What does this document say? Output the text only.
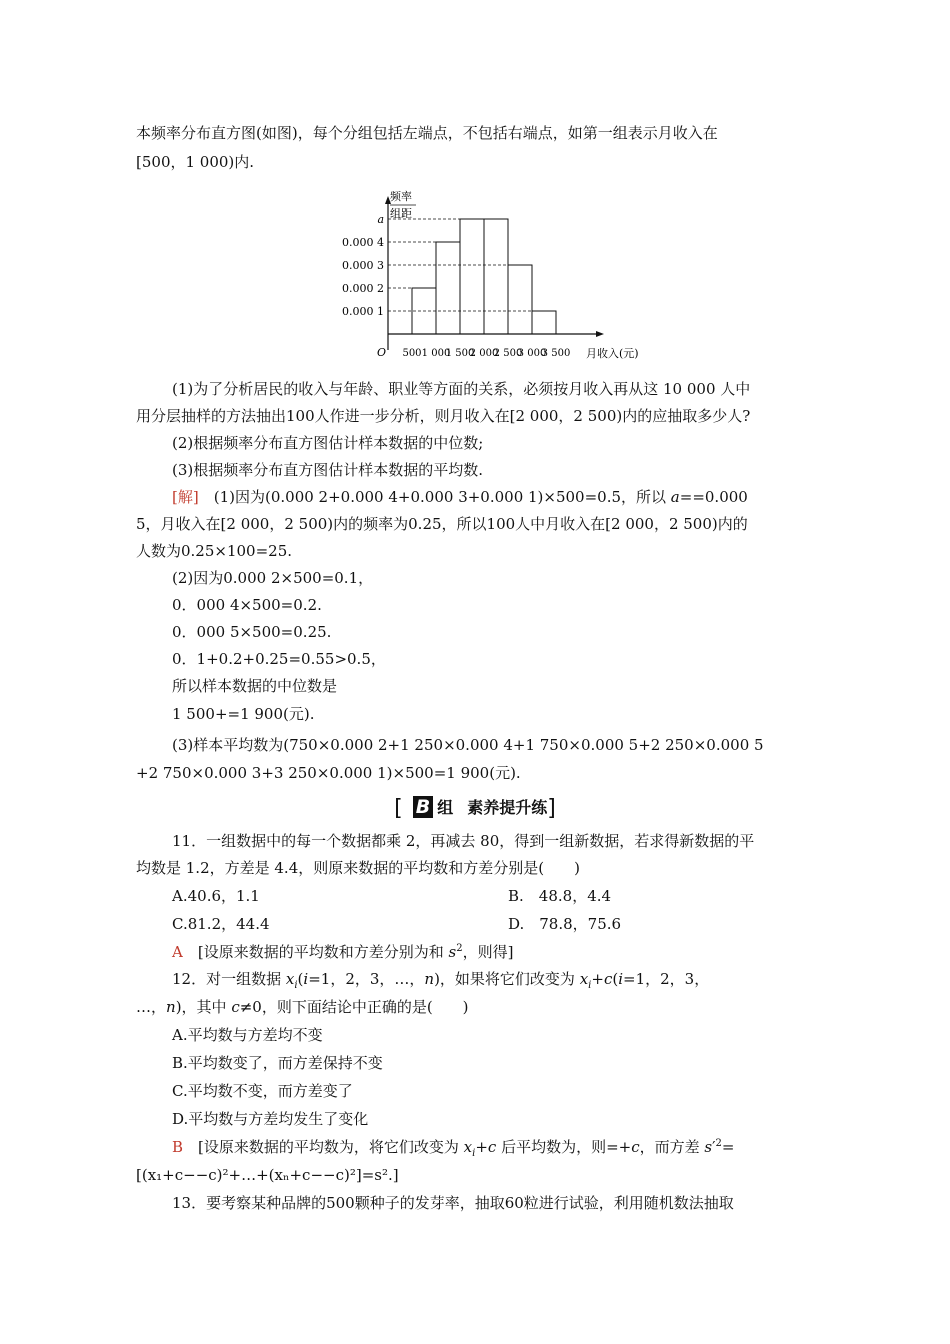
本频率分布直方图(如图)，每个分组包括左端点，不包括右端点，如第一组表示月收入在
[500，1 000)内.
频率
组距
O	月收入(元)
0.000 1
0.000 2
0.000 3
0.000 4
a
500 1 000
1 500
2 000
2 500
3 000
3 500
(1)为了分析居民的收入与年龄、职业等方面的关系，必须按月收入再从这 10 000 人中
用分层抽样的方法抽出100人作进一步分析，则月收入在[2 000，2 500)内的应抽取多少人?
(2)根据频率分布直方图估计样本数据的中位数;
(3)根据频率分布直方图估计样本数据的平均数.
[解]　 (1)因为(0.000 2+0.000 4+0.000 3+0.000 1)×500=0.5，所以 a==0.000
5，月收入在[2 000，2 500)内的频率为0.25，所以100人中月收入在[2 000，2 500)内的
人数为0.25×100=25.
(2)因为0.000 2×500=0.1，
0．000 4×500=0.2.
0．000 5×500=0.25.
0．1+0.2+0.25=0.55>0.5，
所以样本数据的中位数是
1 500+=1 900(元).
(3)样本平均数为(750×0.000 2+1 250×0.000 4+1 750×0.000 5+2 250×0.000 5
+2 750×0.000 3+3 250×0.000 1)×500=1 900(元).
[ B 组 素养提升练]
11．一组数据中的每一个数据都乘 2，再减去 80，得到一组新数据，若求得新数据的平
均数是 1.2，方差是 4.4，则原来数据的平均数和方差分别是(　　)
A.40.6，1.1	B.　48.8，4.4
C.81.2，44.4	D.　78.8，75.6
A　 [设原来数据的平均数和方差分别为和 $s^2$，则得]
12．对一组数据 $x_i(i=1$，2，3，…，n)，如果将它们改变为 $x_i+c(i=1$，2，3，
…，n)，其中 c≠0，则下面结论中正确的是(　　)
A.平均数与方差均不变
B.平均数变了，而方差保持不变
C.平均数不变，而方差变了
D.平均数与方差均发生了变化
B　 [设原来数据的平均数为，将它们改变为 $x_i+c$ 后平均数为，则=+c，而方差 $s'^2=$
[(x₁+c−−c)²+…+(xₙ+c−−c)²]=s².]
13．要考察某种品牌的500颗种子的发芽率，抽取60粒进行试验，利用随机数法抽取
